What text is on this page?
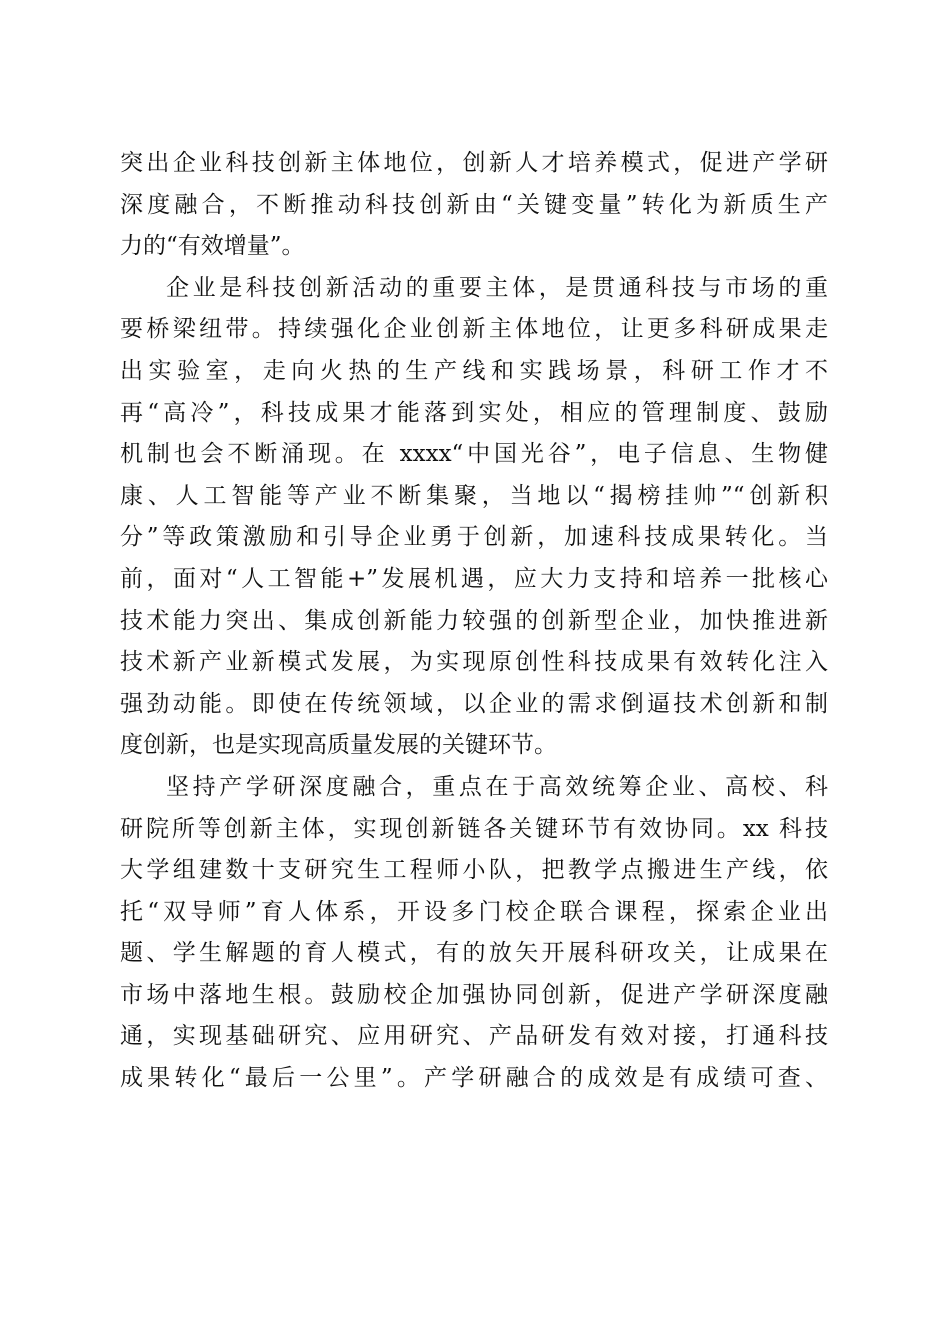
突出企业科技创新主体地位，创新人才培养模式，促进产学研
深度融合，不断推动科技创新由“关键变量”转化为新质生产
力的“有效增量”。
企业是科技创新活动的重要主体，是贯通科技与市场的重
要桥梁纽带。持续强化企业创新主体地位，让更多科研成果走
出实验室，走向火热的生产线和实践场景，科研工作才不
再“高冷”，科技成果才能落到实处，相应的管理制度、鼓励
机制也会不断涌现。在 xxxx“中国光谷”，电子信息、生物健
康、人工智能等产业不断集聚，当地以“揭榜挂帅”“创新积
分”等政策激励和引导企业勇于创新，加速科技成果转化。当
前，面对“人工智能+”发展机遇，应大力支持和培养一批核心
技术能力突出、集成创新能力较强的创新型企业，加快推进新
技术新产业新模式发展，为实现原创性科技成果有效转化注入
强劲动能。即使在传统领域，以企业的需求倒逼技术创新和制
度创新，也是实现高质量发展的关键环节。
坚持产学研深度融合，重点在于高效统筹企业、高校、科
研院所等创新主体，实现创新链各关键环节有效协同。xx 科技
大学组建数十支研究生工程师小队，把教学点搬进生产线，依
托“双导师”育人体系，开设多门校企联合课程，探索企业出
题、学生解题的育人模式，有的放矢开展科研攻关，让成果在
市场中落地生根。鼓励校企加强协同创新，促进产学研深度融
通，实现基础研究、应用研究、产品研发有效对接，打通科技
成果转化“最后一公里”。产学研融合的成效是有成绩可查、
